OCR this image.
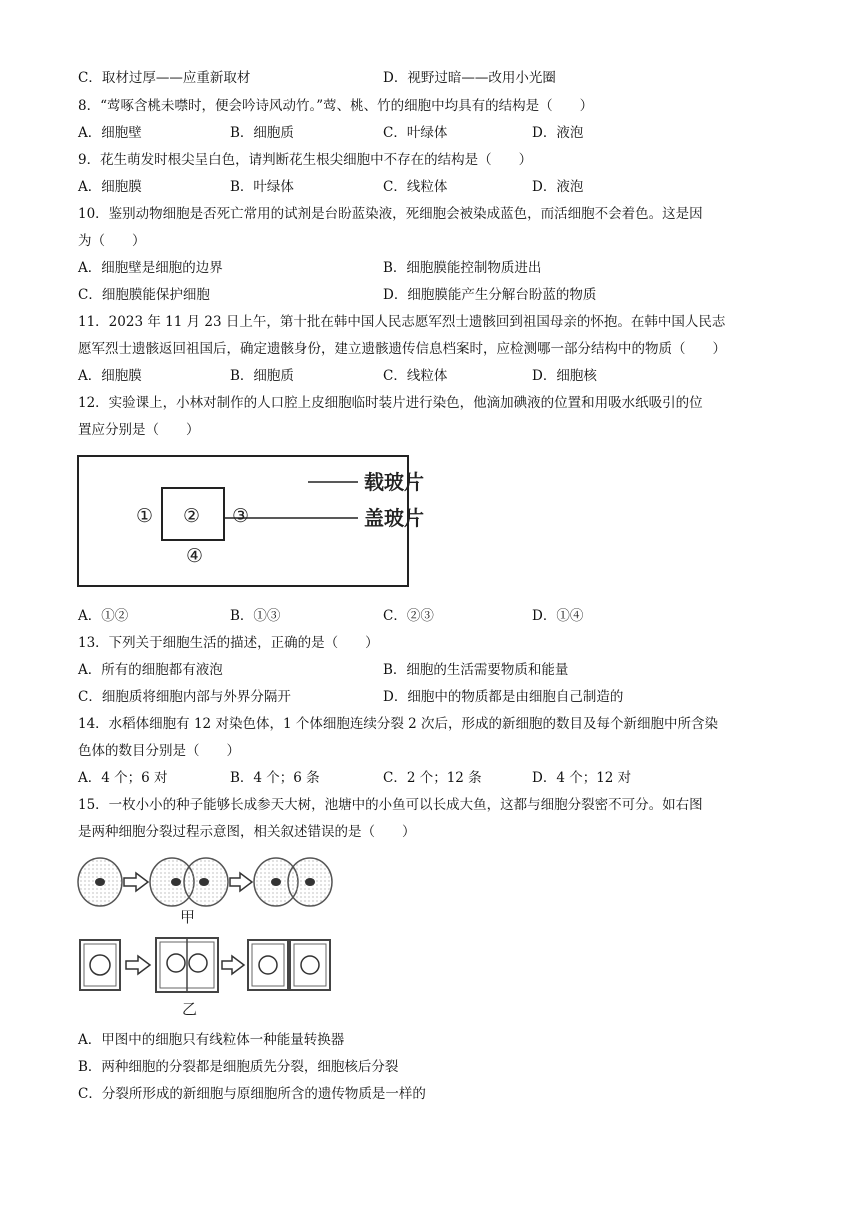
C．取材过厚——应重新取材	D．视野过暗——改用小光圈
8．“莺啄含桃未噤时，便会吟诗风动竹。”莺、桃、竹的细胞中均具有的结构是（　　）
A．细胞壁	B．细胞质	C．叶绿体	D．液泡
9．花生萌发时根尖呈白色，请判断花生根尖细胞中不存在的结构是（　　）
A．细胞膜	B．叶绿体	C．线粒体	D．液泡
10．鉴别动物细胞是否死亡常用的试剂是台盼蓝染液，死细胞会被染成蓝色，而活细胞不会着色。这是因
为（　　）
A．细胞壁是细胞的边界	B．细胞膜能控制物质进出
C．细胞膜能保护细胞	D．细胞膜能产生分解台盼蓝的物质
11．2023 年 11 月 23 日上午，第十批在韩中国人民志愿军烈士遗骸回到祖国母亲的怀抱。在韩中国人民志
愿军烈士遗骸返回祖国后，确定遗骸身份，建立遗骸遗传信息档案时，应检测哪一部分结构中的物质（　　）
A．细胞膜	B．细胞质	C．线粒体	D．细胞核
12．实验课上，小林对制作的人口腔上皮细胞临时装片进行染色，他滴加碘液的位置和用吸水纸吸引的位
置应分别是（　　）
载玻片
盖玻片
① ② ③
④
A．①②	B．①③	C．②③	D．①④
13．下列关于细胞生活的描述，正确的是（　　）
A．所有的细胞都有液泡	B．细胞的生活需要物质和能量
C．细胞质将细胞内部与外界分隔开	D．细胞中的物质都是由细胞自己制造的
14．水稻体细胞有 12 对染色体，1 个体细胞连续分裂 2 次后，形成的新细胞的数目及每个新细胞中所含染
色体的数目分别是（　　）
A．4 个；6 对	B．4 个；6 条	C．2 个；12 条	D．4 个；12 对
15．一枚小小的种子能够长成参天大树，池塘中的小鱼可以长成大鱼，这都与细胞分裂密不可分。如右图
是两种细胞分裂过程示意图，相关叙述错误的是（　　）
甲
乙
A．甲图中的细胞只有线粒体一种能量转换器
B．两种细胞的分裂都是细胞质先分裂，细胞核后分裂
C．分裂所形成的新细胞与原细胞所含的遗传物质是一样的
